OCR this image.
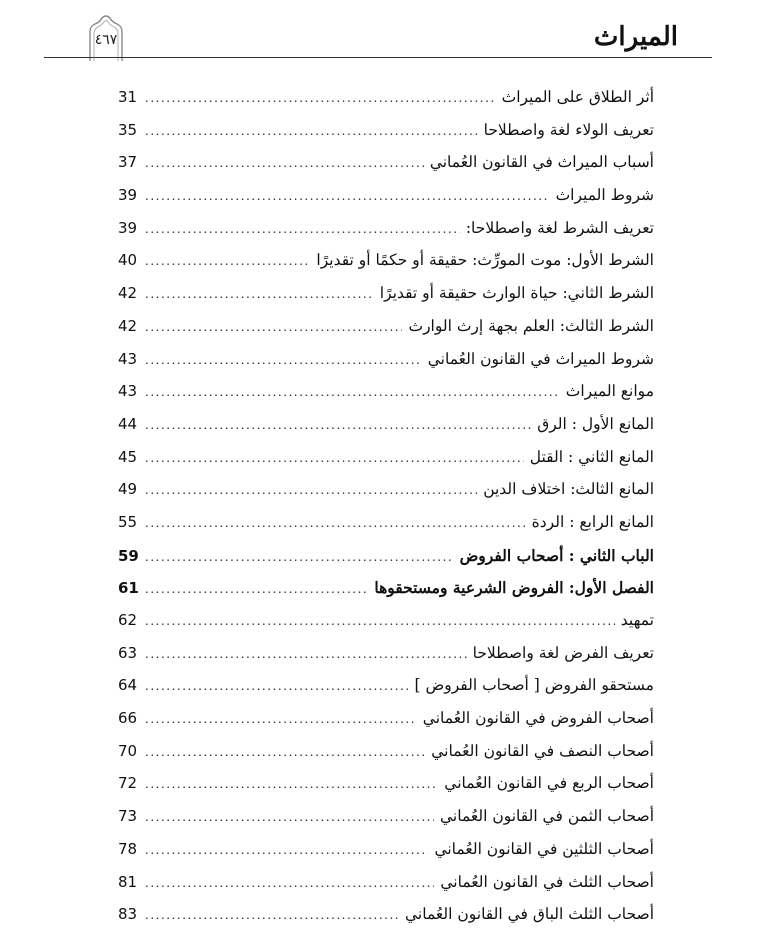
الميراث
٤٦٧
أثر الطلاق على الميراث
.....
31
تعريف الولاء لغة واصطلاحا
.....
35
أسباب الميراث في القانون العُماني
.....
37
شروط الميراث
.....
39
تعريف الشرط لغة واصطلاحا:
.....
39
الشرط الأول: موت المورِّث: حقيقة أو حكمًا أو تقديرًا
.....
40
الشرط الثاني: حياة الوارث حقيقة أو تقديرًا
.....
42
الشرط الثالث: العلم بجهة إرث الوارث
.....
42
شروط الميراث في القانون العُماني
.....
43
موانع الميراث
.....
43
المانع الأول : الرق
.....
44
المانع الثاني : القتل
.....
45
المانع الثالث: اختلاف الدين
.....
49
المانع الرابع : الردة
.....
55
الباب الثاني : أصحاب الفروض
.....
59
الفصل الأول: الفروض الشرعية ومستحقوها
.....
61
تمهيد
.....
62
تعريف الفرض لغة واصطلاحا
.....
63
مستحقو الفروض [ أصحاب الفروض ]
.....
64
أصحاب الفروض في القانون العُماني
.....
66
أصحاب النصف في القانون العُماني
.....
70
أصحاب الربع في القانون العُماني
.....
72
أصحاب الثمن في القانون العُماني
.....
73
أصحاب الثلثين في القانون العُماني
.....
78
أصحاب الثلث في القانون العُماني
.....
81
أصحاب الثلث الباق في القانون العُماني
.....
83
